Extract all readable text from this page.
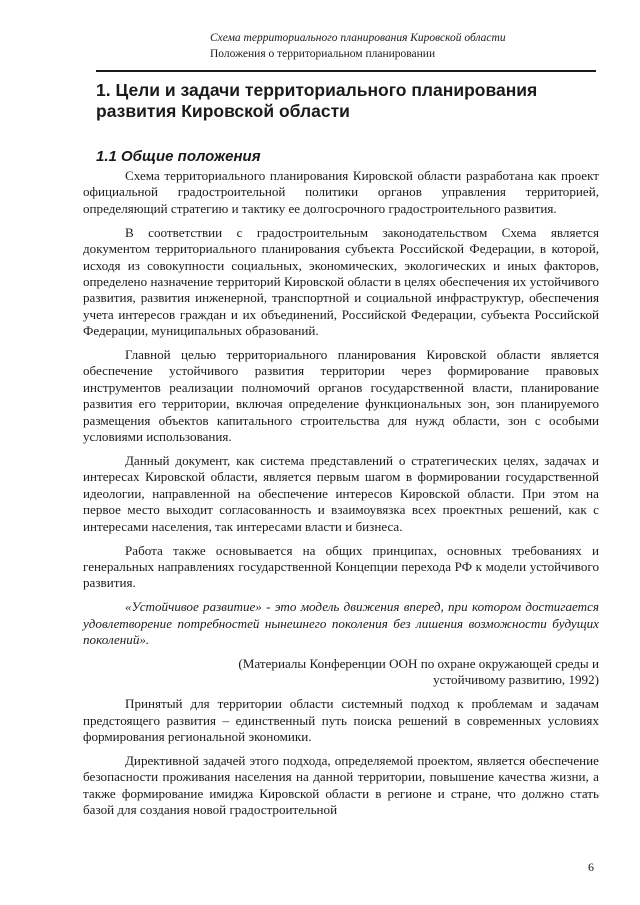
Схема территориального планирования Кировской области
Положения о территориальном планировании
1. Цели и задачи территориального планирования развития Кировской области
1.1 Общие положения

Схема территориального планирования Кировской области разработана как проект официальной градостроительной политики органов управления территорией, определяющий стратегию и тактику ее долгосрочного градостроительного развития.

В соответствии с градостроительным законодательством Схема является документом территориального планирования субъекта Российской Федерации, в которой, исходя из совокупности социальных, экономических, экологических и иных факторов, определено назначение территорий Кировской области в целях обеспечения их устойчивого развития, развития инженерной, транспортной и социальной инфраструктур, обеспечения учета интересов граждан и их объединений, Российской Федерации, субъекта Российской Федерации, муниципальных образований.

Главной целью территориального планирования Кировской области является обеспечение устойчивого развития территории через формирование правовых инструментов реализации полномочий органов государственной власти, планирование развития его территории, включая определение функциональных зон, зон планируемого размещения объектов капитального строительства для нужд области, зон с особыми условиями использования.

Данный документ, как система представлений о стратегических целях, задачах и интересах Кировской области, является первым шагом в формировании государственной идеологии, направленной на обеспечение интересов Кировской области. При этом на первое место выходит согласованность и взаимоувязка всех проектных решений, как с интересами населения, так интересами власти и бизнеса.

Работа также основывается на общих принципах, основных требованиях и генеральных направлениях государственной Концепции перехода РФ к модели устойчивого развития.

«Устойчивое развитие» - это модель движения вперед, при котором достигается удовлетворение потребностей нынешнего поколения без лишения возможности будущих поколений».

(Материалы Конференции ООН по охране окружающей среды и устойчивому развитию, 1992)

Принятый для территории области системный подход к проблемам и задачам предстоящего развития – единственный путь поиска решений в современных условиях формирования региональной экономики.

Директивной задачей этого подхода, определяемой проектом, является обеспечение безопасности проживания населения на данной территории, повышение качества жизни, а также формирование имиджа Кировской области в регионе и стране, что должно стать базой для создания новой градостроительной

6
